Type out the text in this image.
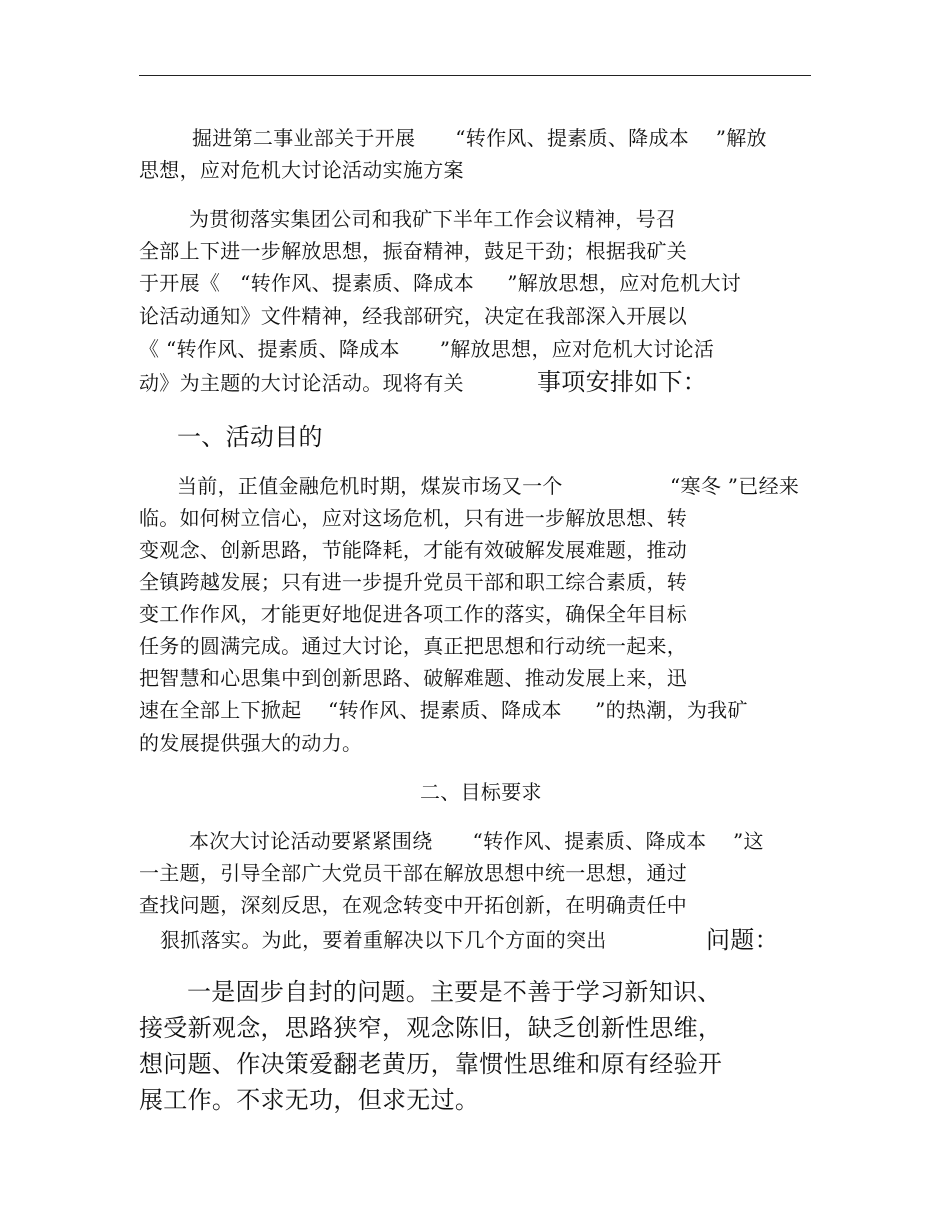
掘进第二事业部关于开展      “转作风、提素质、降成本    ”解放
思想，应对危机大讨论活动实施方案
为贯彻落实集团公司和我矿下半年工作会议精神，号召
全部上下进一步解放思想，振奋精神，鼓足干劲；根据我矿关
于开展《   “转作风、提素质、降成本     ”解放思想，应对危机大讨
论活动通知》文件精神，经我部研究，决定在我部深入开展以
《 “转作风、提素质、降成本      ”解放思想，应对危机大讨论活
动》为主题的大讨论活动。现将有关	事项安排如下：
一、活动目的
当前，正值金融危机时期，煤炭市场又一个	“寒冬 ”已经来
临。如何树立信心，应对这场危机，只有进一步解放思想、转
变观念、创新思路，节能降耗，才能有效破解发展难题，推动
全镇跨越发展；只有进一步提升党员干部和职工综合素质，转
变工作作风，才能更好地促进各项工作的落实，确保全年目标
任务的圆满完成。通过大讨论，真正把思想和行动统一起来，
把智慧和心思集中到创新思路、破解难题、推动发展上来，迅
速在全部上下掀起    “转作风、提素质、降成本     ”的热潮，为我矿
的发展提供强大的动力。
二、目标要求
本次大讨论活动要紧紧围绕      “转作风、提素质、降成本    ”这
一主题，引导全部广大党员干部在解放思想中统一思想，通过
查找问题，深刻反思，在观念转变中开拓创新，在明确责任中
狠抓落实。为此，要着重解决以下几个方面的突出	问题：
一是固步自封的问题。主要是不善于学习新知识、
接受新观念，思路狭窄，观念陈旧，缺乏创新性思维，
想问题、作决策爱翻老黄历，靠惯性思维和原有经验开
展工作。不求无功，但求无过。
